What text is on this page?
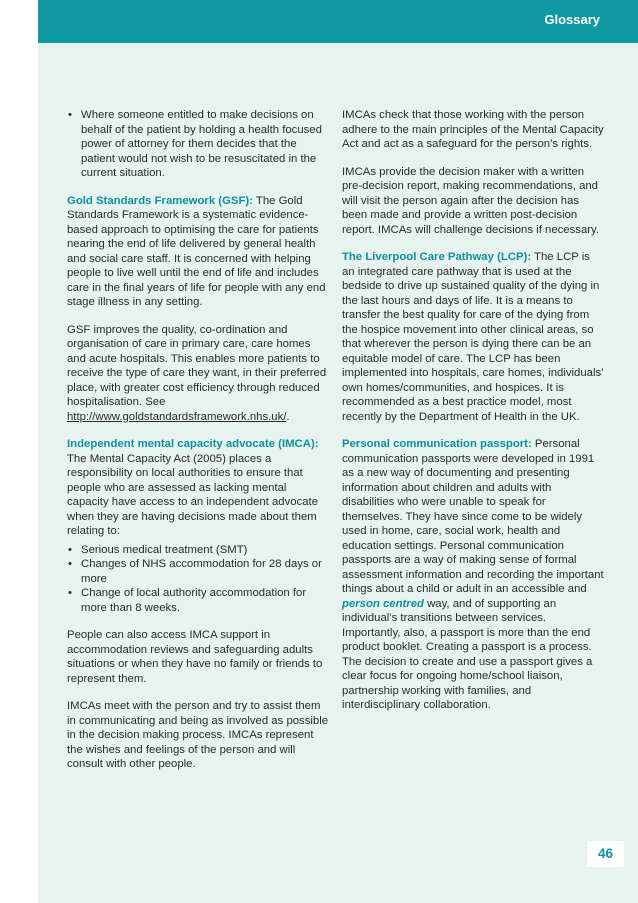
Glossary
• Where someone entitled to make decisions on behalf of the patient by holding a health focused power of attorney for them decides that the patient would not wish to be resuscitated in the current situation.

Gold Standards Framework (GSF): The Gold Standards Framework is a systematic evidence-based approach to optimising the care for patients nearing the end of life delivered by general health and social care staff. It is concerned with helping people to live well until the end of life and includes care in the final years of life for people with any end stage illness in any setting.

GSF improves the quality, co-ordination and organisation of care in primary care, care homes and acute hospitals. This enables more patients to receive the type of care they want, in their preferred place, with greater cost efficiency through reduced hospitalisation. See http://www.goldstandardsframework.nhs.uk/.

Independent mental capacity advocate (IMCA): The Mental Capacity Act (2005) places a responsibility on local authorities to ensure that people who are assessed as lacking mental capacity have access to an independent advocate when they are having decisions made about them relating to:

• Serious medical treatment (SMT)
• Changes of NHS accommodation for 28 days or more
• Change of local authority accommodation for more than 8 weeks.

People can also access IMCA support in accommodation reviews and safeguarding adults situations or when they have no family or friends to represent them.

IMCAs meet with the person and try to assist them in communicating and being as involved as possible in the decision making process. IMCAs represent the wishes and feelings of the person and will consult with other people.

IMCAs check that those working with the person adhere to the main principles of the Mental Capacity Act and act as a safeguard for the person’s rights.

IMCAs provide the decision maker with a written pre-decision report, making recommendations, and will visit the person again after the decision has been made and provide a written post-decision report. IMCAs will challenge decisions if necessary.

The Liverpool Care Pathway (LCP): The LCP is an integrated care pathway that is used at the bedside to drive up sustained quality of the dying in the last hours and days of life. It is a means to transfer the best quality for care of the dying from the hospice movement into other clinical areas, so that wherever the person is dying there can be an equitable model of care. The LCP has been implemented into hospitals, care homes, individuals’ own homes/communities, and hospices. It is recommended as a best practice model, most recently by the Department of Health in the UK.

Personal communication passport: Personal communication passports were developed in 1991 as a new way of documenting and presenting information about children and adults with disabilities who were unable to speak for themselves. They have since come to be widely used in home, care, social work, health and education settings. Personal communication passports are a way of making sense of formal assessment information and recording the important things about a child or adult in an accessible and person centred way, and of supporting an individual’s transitions between services. Importantly, also, a passport is more than the end product booklet. Creating a passport is a process. The decision to create and use a passport gives a clear focus for ongoing home/school liaison, partnership working with families, and interdisciplinary collaboration.

46
